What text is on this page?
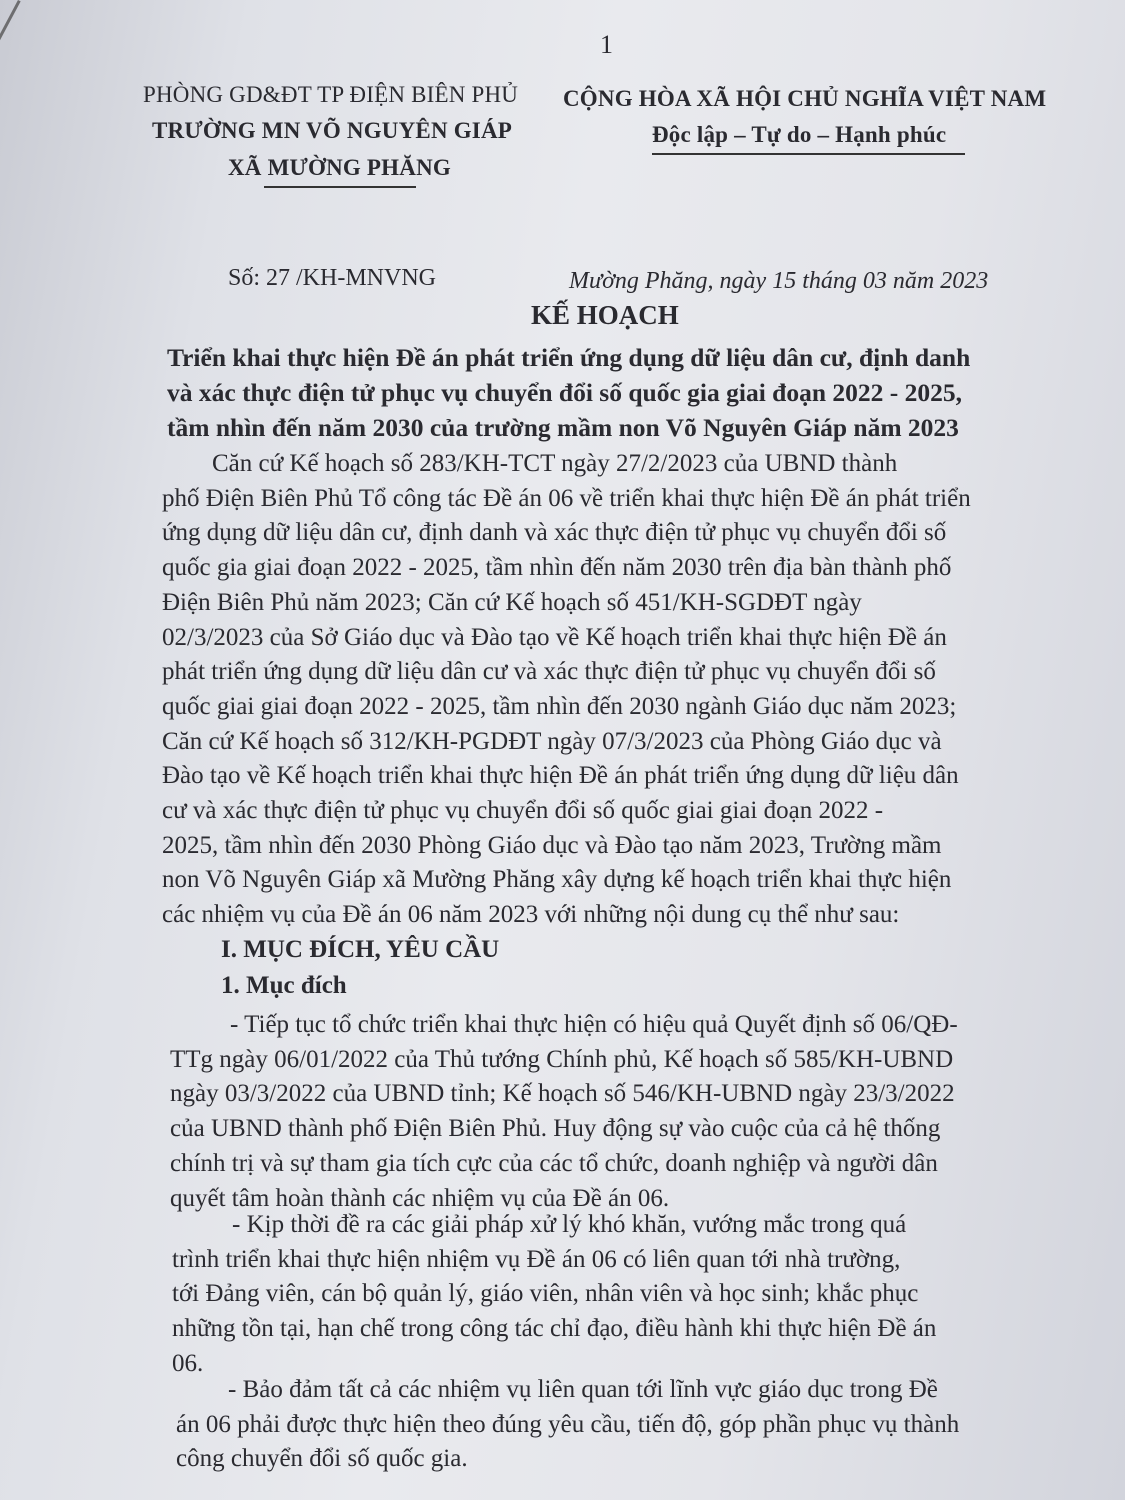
1
PHÒNG GD&ĐT TP ĐIỆN BIÊN PHỦ
TRƯỜNG MN VÕ NGUYÊN GIÁP
XÃ MƯỜNG PHĂNG
CỘNG HÒA XÃ HỘI CHỦ NGHĨA VIỆT NAM
Độc lập – Tự do – Hạnh phúc
Số: 27 /KH-MNVNG	Mường Phăng, ngày 15 tháng 03 năm 2023
KẾ HOẠCH
Triển khai thực hiện Đề án phát triển ứng dụng dữ liệu dân cư, định danh
và xác thực điện tử phục vụ chuyển đổi số quốc gia giai đoạn 2022 - 2025,
tầm nhìn đến năm 2030 của trường mầm non Võ Nguyên Giáp năm 2023

Căn cứ Kế hoạch số 283/KH-TCT ngày 27/2/2023 của UBND thành

phố Điện Biên Phủ Tổ công tác Đề án 06 về triển khai thực hiện Đề án phát triển

ứng dụng dữ liệu dân cư, định danh và xác thực điện tử phục vụ chuyển đổi số

quốc gia giai đoạn 2022 - 2025, tầm nhìn đến năm 2030 trên địa bàn thành phố

Điện Biên Phủ năm 2023; Căn cứ Kế hoạch số 451/KH-SGDĐT ngày

02/3/2023 của Sở Giáo dục và Đào tạo về Kế hoạch triển khai thực hiện Đề án

phát triển ứng dụng dữ liệu dân cư và xác thực điện tử phục vụ chuyển đổi số

quốc giai giai đoạn 2022 - 2025, tầm nhìn đến 2030 ngành Giáo dục năm 2023;

Căn cứ Kế hoạch số 312/KH-PGDĐT ngày 07/3/2023 của Phòng Giáo dục và

Đào tạo về Kế hoạch triển khai thực hiện Đề án phát triển ứng dụng dữ liệu dân

cư và xác thực điện tử phục vụ chuyển đổi số quốc giai giai đoạn 2022 -

2025, tầm nhìn đến 2030 Phòng Giáo dục và Đào tạo năm 2023, Trường mầm

non Võ Nguyên Giáp xã Mường Phăng xây dựng kế hoạch triển khai thực hiện

các nhiệm vụ của Đề án 06 năm 2023 với những nội dung cụ thể như sau:

I. MỤC ĐÍCH, YÊU CẦU
1. Mục đích

- Tiếp tục tổ chức triển khai thực hiện có hiệu quả Quyết định số 06/QĐ-

TTg ngày 06/01/2022 của Thủ tướng Chính phủ, Kế hoạch số 585/KH-UBND

ngày 03/3/2022 của UBND tỉnh; Kế hoạch số 546/KH-UBND ngày 23/3/2022

của UBND thành phố Điện Biên Phủ. Huy động sự vào cuộc của cả hệ thống

chính trị và sự tham gia tích cực của các tổ chức, doanh nghiệp và người dân

quyết tâm hoàn thành các nhiệm vụ của Đề án 06.

- Kịp thời đề ra các giải pháp xử lý khó khăn, vướng mắc trong quá

trình triển khai thực hiện nhiệm vụ Đề án 06 có liên quan tới nhà trường,

tới Đảng viên, cán bộ quản lý, giáo viên, nhân viên và học sinh; khắc phục

những tồn tại, hạn chế trong công tác chỉ đạo, điều hành khi thực hiện Đề án

06.

- Bảo đảm tất cả các nhiệm vụ liên quan tới lĩnh vực giáo dục trong Đề

án 06 phải được thực hiện theo đúng yêu cầu, tiến độ, góp phần phục vụ thành

công chuyển đổi số quốc gia.
